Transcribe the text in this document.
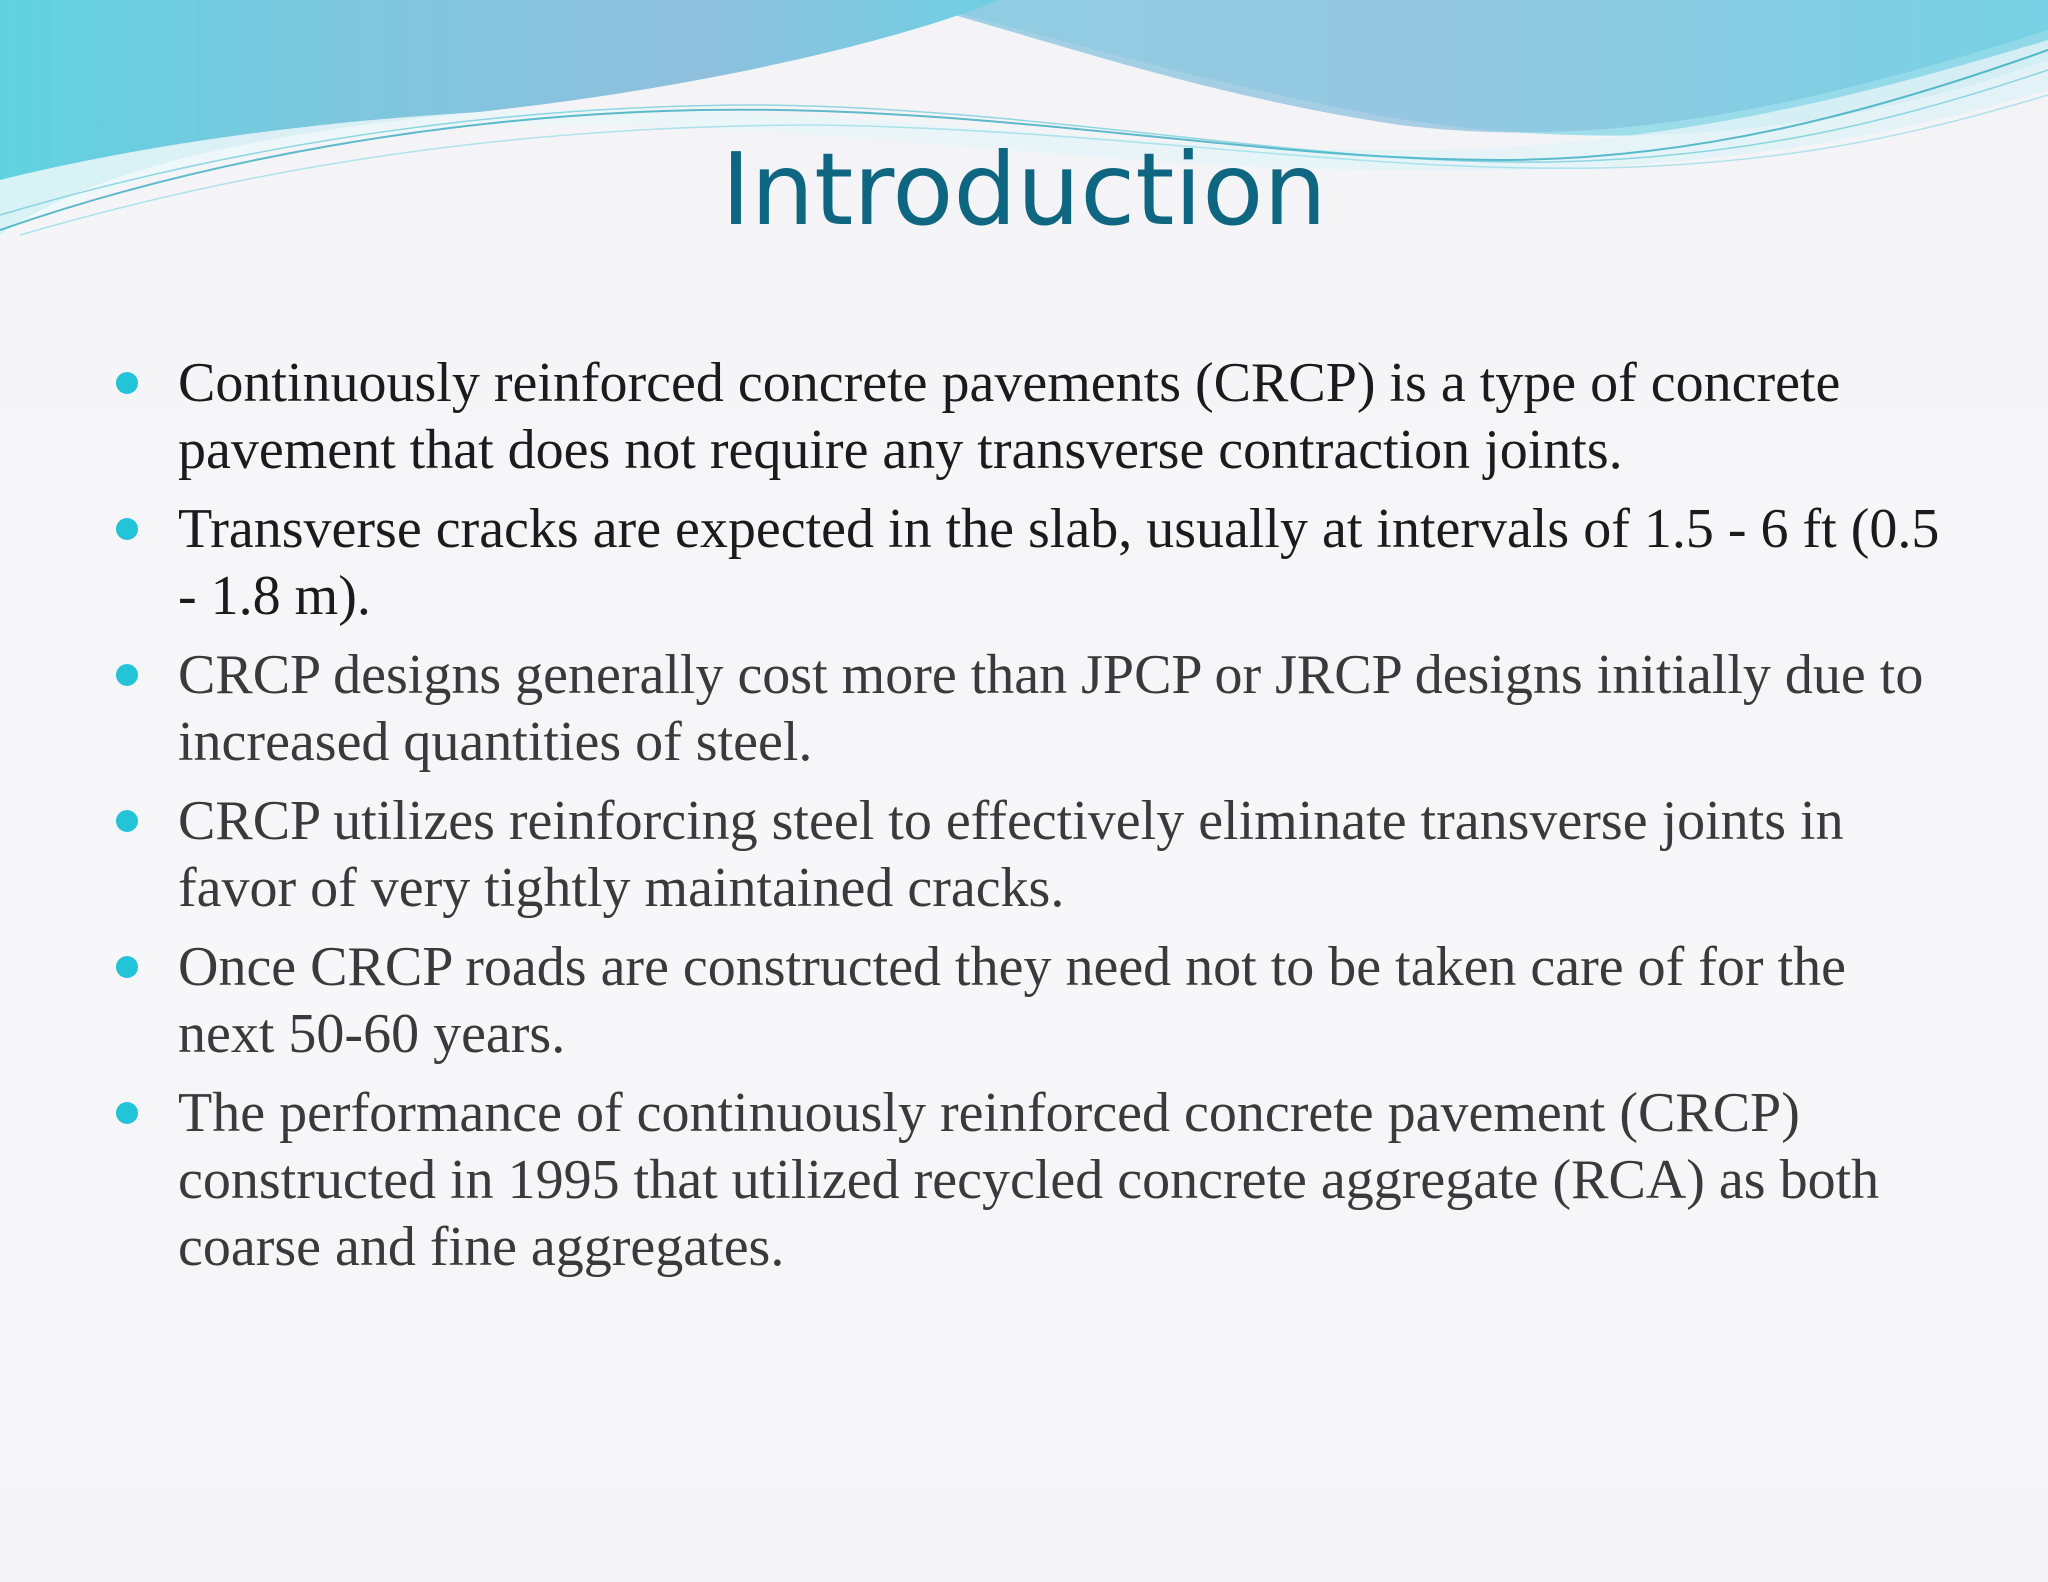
Introduction
Continuously reinforced concrete pavements (CRCP) is a type of concrete pavement that does not require any transverse contraction joints.
Transverse cracks are expected in the slab, usually at intervals of 1.5 - 6 ft (0.5 - 1.8 m).
CRCP designs generally cost more than JPCP or JRCP designs initially due to increased quantities of steel.
CRCP utilizes reinforcing steel to effectively eliminate transverse joints in favor of very tightly maintained cracks.
Once CRCP roads are constructed they need not to be taken care of for the next 50-60 years.
The performance of continuously reinforced concrete pavement (CRCP) constructed in 1995 that utilized recycled concrete aggregate (RCA) as both coarse and fine aggregates.
